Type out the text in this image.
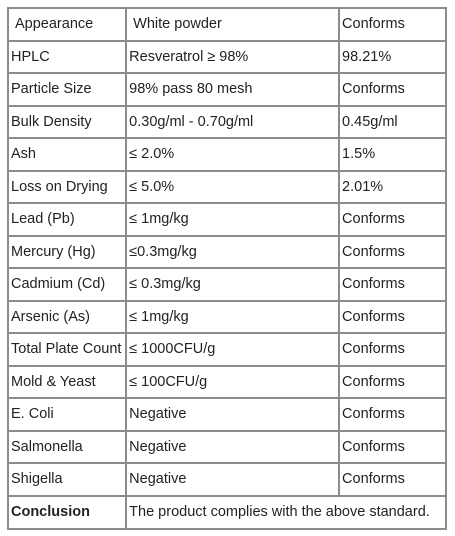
Appearance	White powder	Conforms
HPLC	Resveratrol ≥ 98%	98.21%
Particle Size	98% pass 80 mesh	Conforms
Bulk Density	0.30g/ml - 0.70g/ml	0.45g/ml
Ash	≤ 2.0%	1.5%
Loss on Drying	≤ 5.0%	2.01%
Lead (Pb)	≤ 1mg/kg	Conforms
Mercury (Hg)	≤0.3mg/kg	Conforms
Cadmium (Cd)	≤ 0.3mg/kg	Conforms
Arsenic (As)	≤ 1mg/kg	Conforms
Total Plate Count	≤ 1000CFU/g	Conforms
Mold & Yeast	≤ 100CFU/g	Conforms
E. Coli	Negative	Conforms
Salmonella	Negative	Conforms
Shigella	Negative	Conforms
Conclusion	The product complies with the above standard.	
